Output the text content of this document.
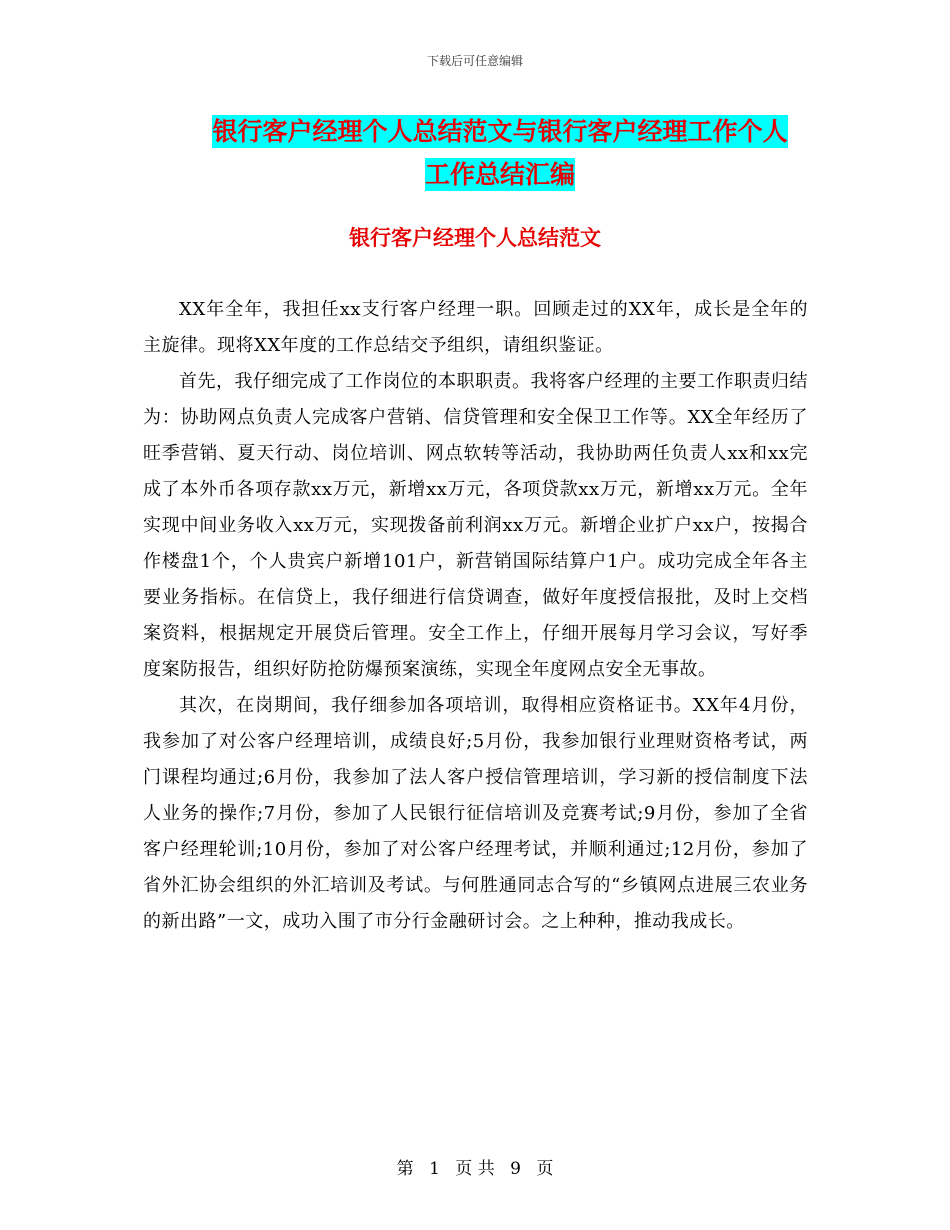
下载后可任意编辑
银行客户经理个人总结范文与银行客户经理工作个人
工作总结汇编
银行客户经理个人总结范文

XX年全年，我担任xx支行客户经理一职。回顾走过的XX年，成长是全年的主旋律。现将XX年度的工作总结交予组织，请组织鉴证。

首先，我仔细完成了工作岗位的本职职责。我将客户经理的主要工作职责归结为：协助网点负责人完成客户营销、信贷管理和安全保卫工作等。XX全年经历了旺季营销、夏天行动、岗位培训、网点软转等活动，我协助两任负责人xx和xx完成了本外币各项存款xx万元，新增xx万元，各项贷款xx万元，新增xx万元。全年实现中间业务收入xx万元，实现拨备前利润xx万元。新增企业扩户xx户，按揭合作楼盘1个，个人贵宾户新增101户，新营销国际结算户1户。成功完成全年各主要业务指标。在信贷上，我仔细进行信贷调查，做好年度授信报批，及时上交档案资料，根据规定开展贷后管理。安全工作上，仔细开展每月学习会议，写好季度案防报告，组织好防抢防爆预案演练，实现全年度网点安全无事故。

其次，在岗期间，我仔细参加各项培训，取得相应资格证书。XX年4月份，我参加了对公客户经理培训，成绩良好;5月份，我参加银行业理财资格考试，两门课程均通过;6月份，我参加了法人客户授信管理培训，学习新的授信制度下法人业务的操作;7月份，参加了人民银行征信培训及竞赛考试;9月份，参加了全省客户经理轮训;10月份，参加了对公客户经理考试，并顺利通过;12月份，参加了省外汇协会组织的外汇培训及考试。与何胜通同志合写的“乡镇网点进展三农业务的新出路”一文，成功入围了市分行金融研讨会。之上种种，推动我成长。

第 1 页 共 9 页
